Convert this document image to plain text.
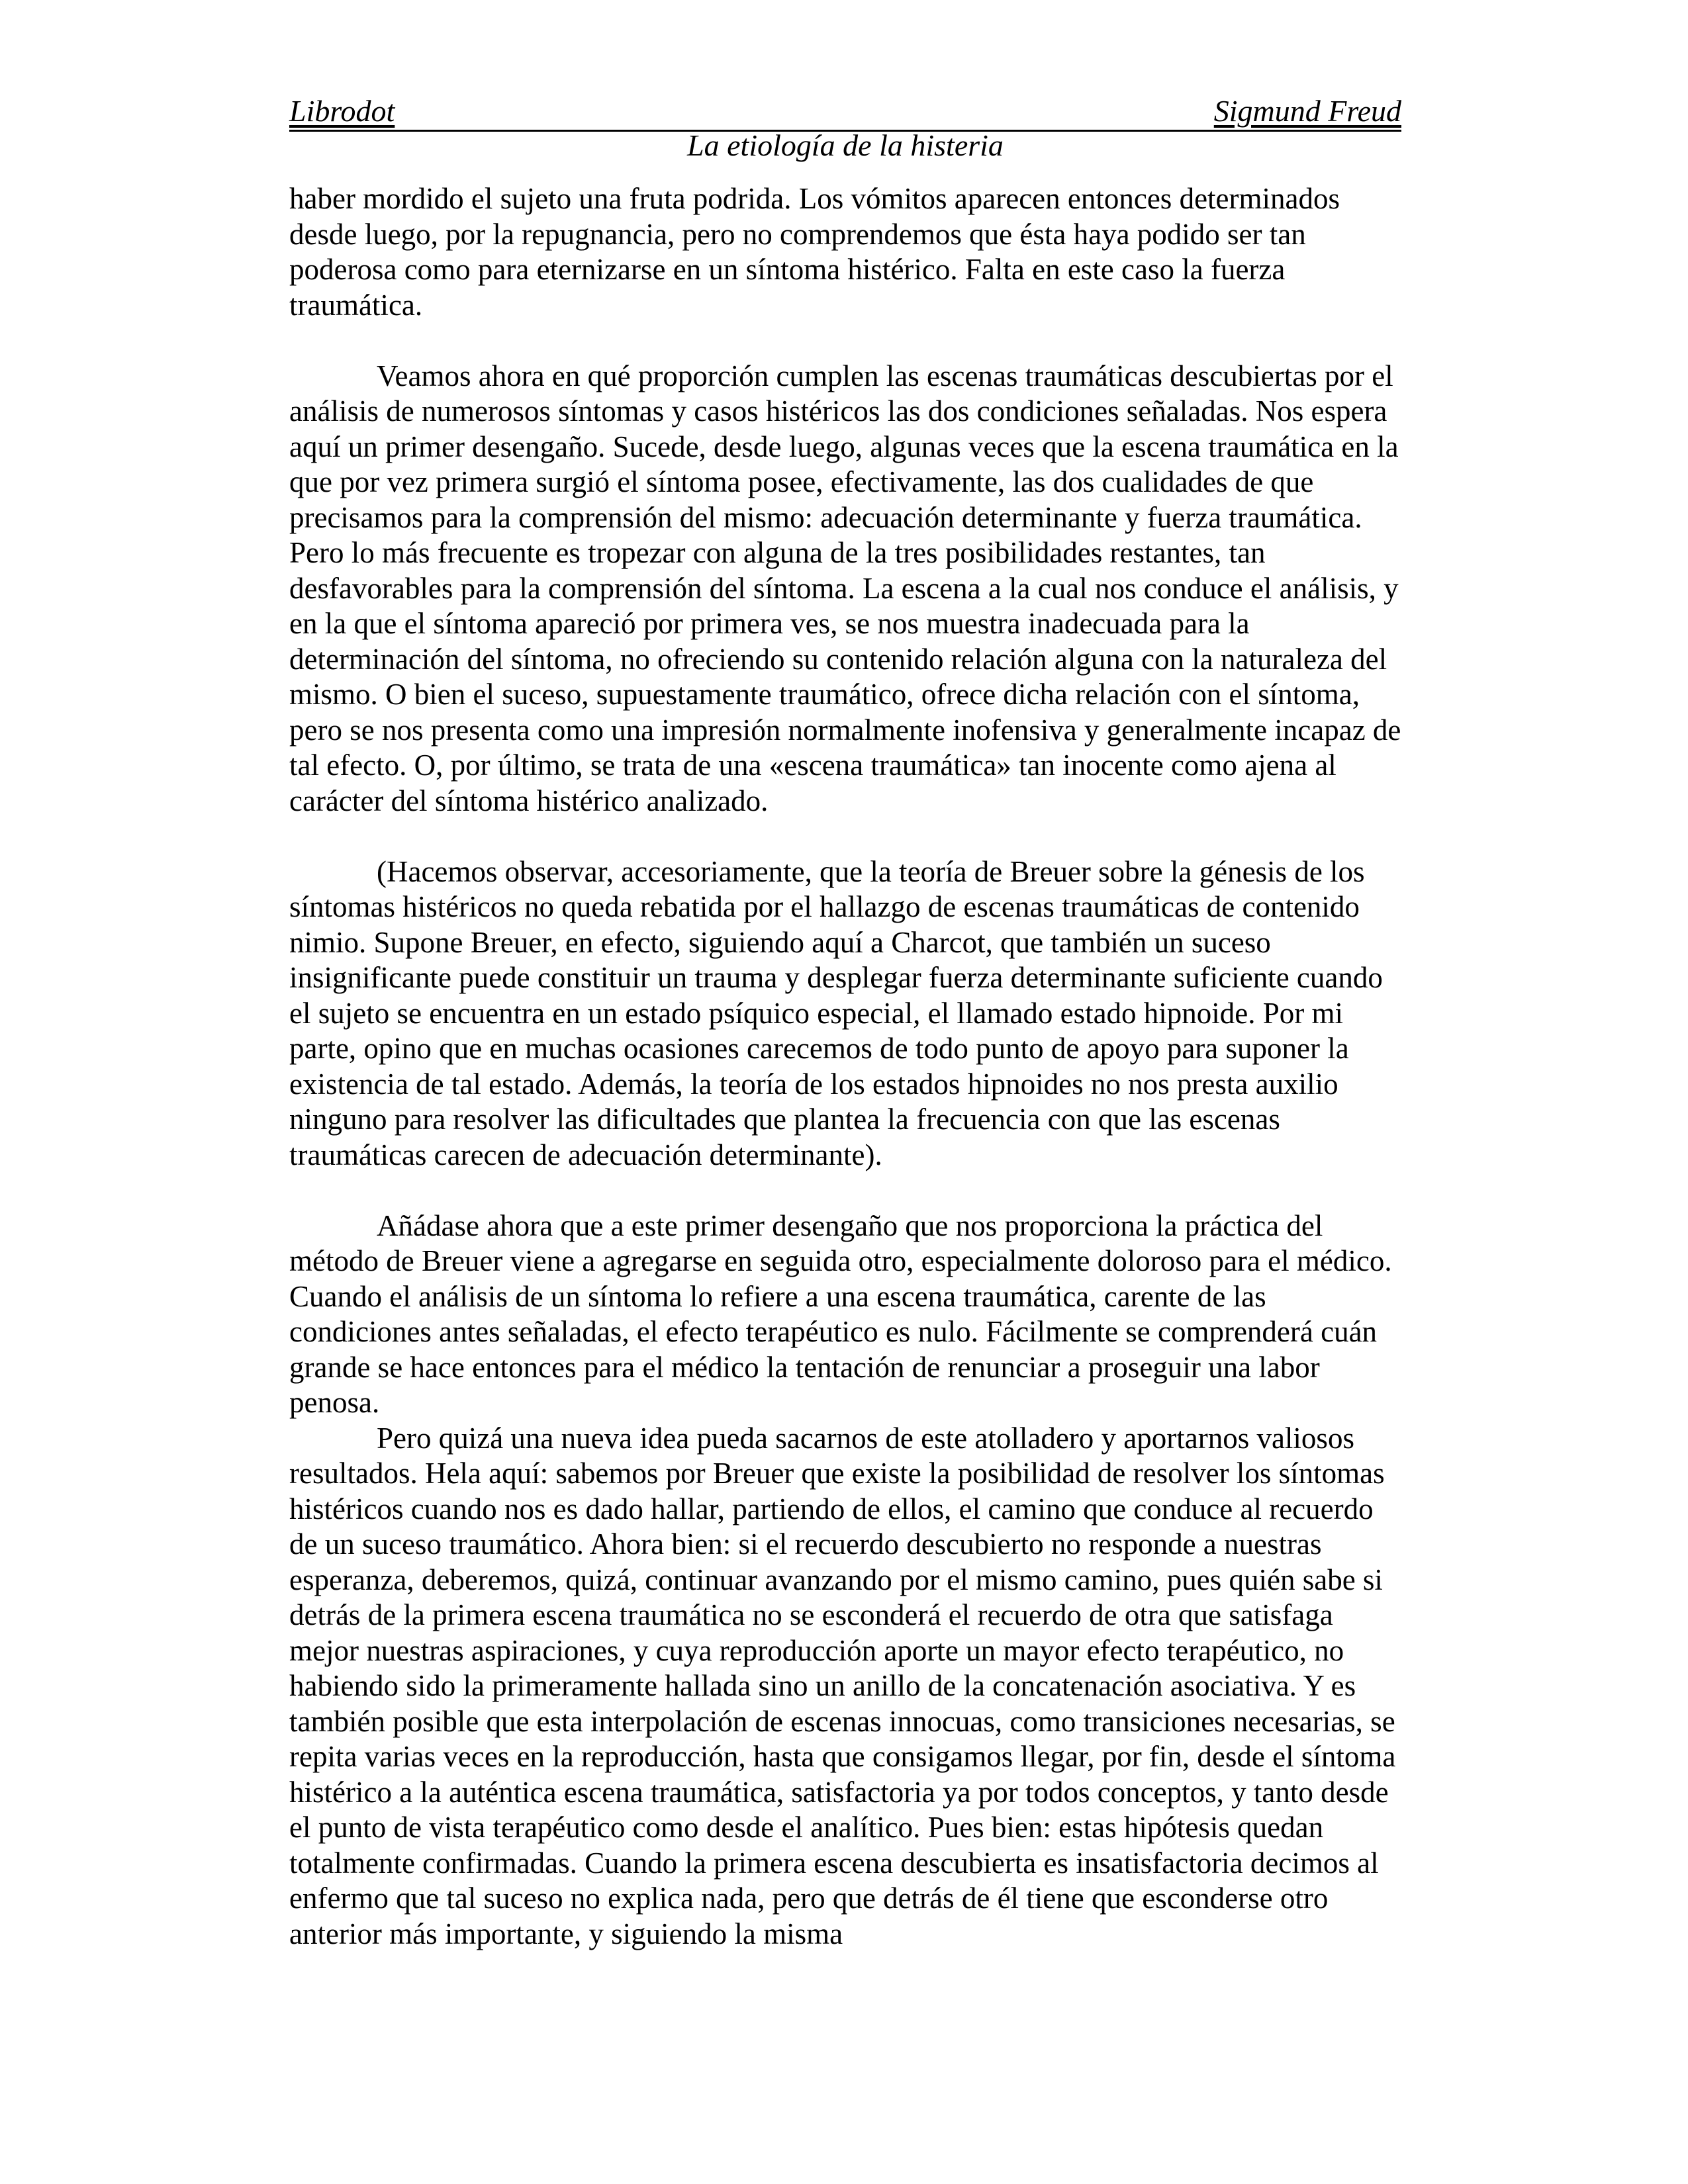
Librodot	Sigmund Freud
La etiología de la histeria

haber mordido el sujeto una fruta podrida. Los vómitos aparecen entonces determinados desde luego, por la repugnancia, pero no comprendemos que ésta haya podido ser tan poderosa como para eternizarse en un síntoma histérico. Falta en este caso la fuerza traumática.

Veamos ahora en qué proporción cumplen las escenas traumáticas descubiertas por el análisis de numerosos síntomas y casos histéricos las dos condiciones señaladas. Nos espera aquí un primer desengaño. Sucede, desde luego, algunas veces que la escena traumática en la que por vez primera surgió el síntoma posee, efectivamente, las dos cualidades de que precisamos para la comprensión del mismo: adecuación determinante y fuerza traumática. Pero lo más frecuente es tropezar con alguna de la tres posibilidades restantes, tan desfavorables para la comprensión del síntoma. La escena a la cual nos conduce el análisis, y en la que el síntoma apareció por primera ves, se nos muestra inadecuada para la determinación del síntoma, no ofreciendo su contenido relación alguna con la naturaleza del mismo. O bien el suceso, supuestamente traumático, ofrece dicha relación con el síntoma, pero se nos presenta como una impresión normalmente inofensiva y generalmente incapaz de tal efecto. O, por último, se trata de una «escena traumática» tan inocente como ajena al carácter del síntoma histérico analizado.

(Hacemos observar, accesoriamente, que la teoría de Breuer sobre la génesis de los síntomas histéricos no queda rebatida por el hallazgo de escenas traumáticas de contenido nimio. Supone Breuer, en efecto, siguiendo aquí a Charcot, que también un suceso insignificante puede constituir un trauma y desplegar fuerza determinante suficiente cuando el sujeto se encuentra en un estado psíquico especial, el llamado estado hipnoide. Por mi parte, opino que en muchas ocasiones carecemos de todo punto de apoyo para suponer la existencia de tal estado. Además, la teoría de los estados hipnoides no nos presta auxilio ninguno para resolver las dificultades que plantea la frecuencia con que las escenas traumáticas carecen de adecuación determinante).

Añádase ahora que a este primer desengaño que nos proporciona la práctica del método de Breuer viene a agregarse en seguida otro, especialmente doloroso para el médico. Cuando el análisis de un síntoma lo refiere a una escena traumática, carente de las condiciones antes señaladas, el efecto terapéutico es nulo. Fácilmente se comprenderá cuán grande se hace entonces para el médico la tentación de renunciar a proseguir una labor penosa.

Pero quizá una nueva idea pueda sacarnos de este atolladero y aportarnos valiosos resultados. Hela aquí: sabemos por Breuer que existe la posibilidad de resolver los síntomas histéricos cuando nos es dado hallar, partiendo de ellos, el camino que conduce al recuerdo de un suceso traumático. Ahora bien: si el recuerdo descubierto no responde a nuestras esperanza, deberemos, quizá, continuar avanzando por el mismo camino, pues quién sabe si detrás de la primera escena traumática no se esconderá el recuerdo de otra que satisfaga mejor nuestras aspiraciones, y cuya reproducción aporte un mayor efecto terapéutico, no habiendo sido la primeramente hallada sino un anillo de la concatenación asociativa. Y es también posible que esta interpolación de escenas innocuas, como transiciones necesarias, se repita varias veces en la reproducción, hasta que consigamos llegar, por fin, desde el síntoma histérico a la auténtica escena traumática, satisfactoria ya por todos conceptos, y tanto desde el punto de vista terapéutico como desde el analítico. Pues bien: estas hipótesis quedan totalmente confirmadas. Cuando la primera escena descubierta es insatisfactoria decimos al enfermo que tal suceso no explica nada, pero que detrás de él tiene que esconderse otro anterior más importante, y siguiendo la misma
